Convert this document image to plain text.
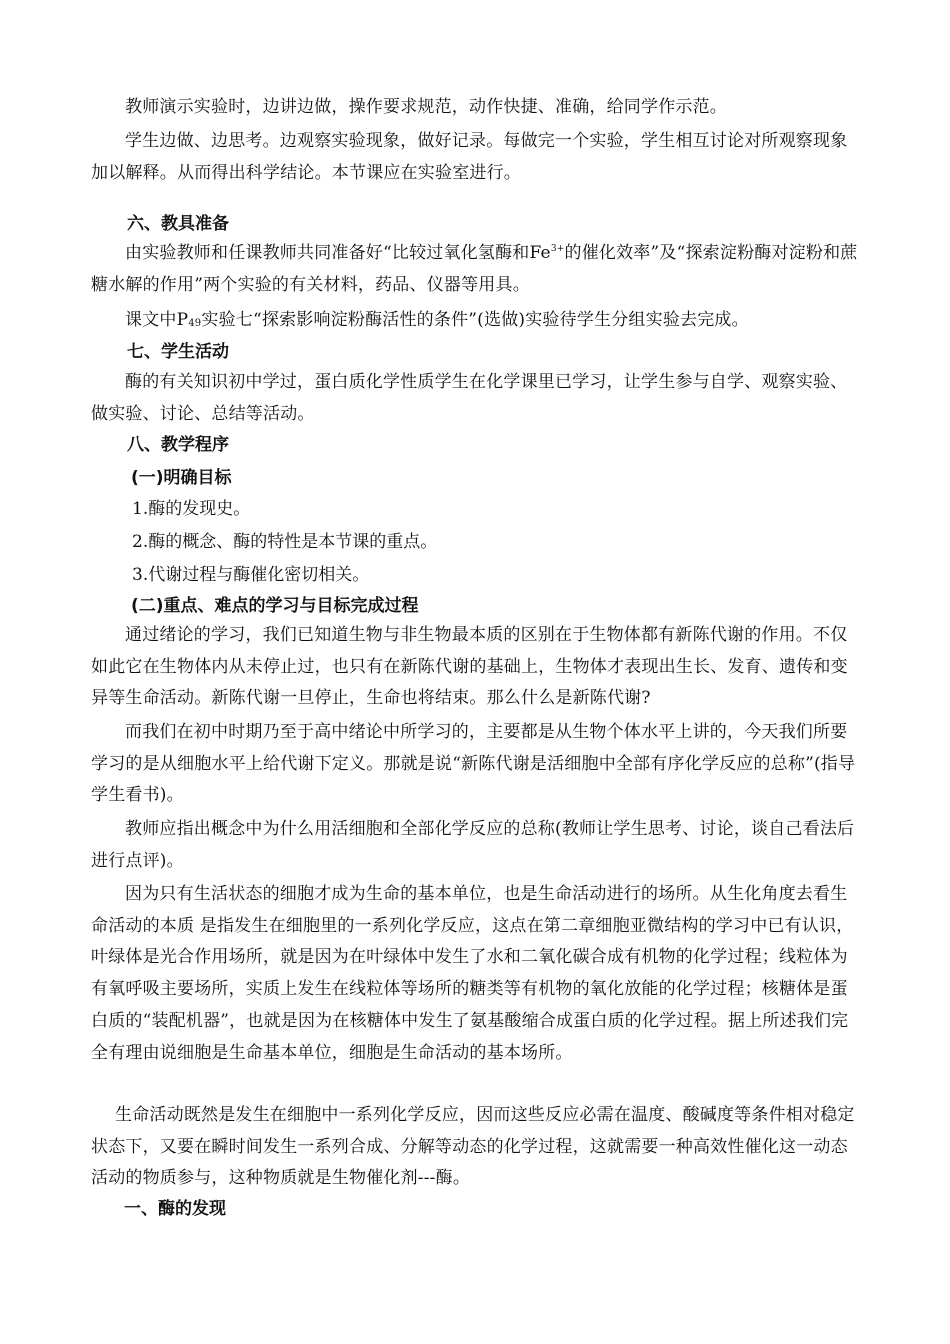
教师演示实验时，边讲边做，操作要求规范，动作快捷、准确，给同学作示范。

学生边做、边思考。边观察实验现象，做好记录。每做完一个实验，学生相互讨论对所观察现象加以解释。从而得出科学结论。本节课应在实验室进行。

六、教具准备

由实验教师和任课教师共同准备好“比较过氧化氢酶和$Fe^{3+}$的催化效率”及“探索淀粉酶对淀粉和蔗糖水解的作用”两个实验的有关材料，药品、仪器等用具。

课文中$P_{49}$实验七“探索影响淀粉酶活性的条件”(选做)实验待学生分组实验去完成。

七、学生活动

酶的有关知识初中学过，蛋白质化学性质学生在化学课里已学习，让学生参与自学、观察实验、做实验、讨论、总结等活动。

八、教学程序
(一)明确目标

1.酶的发现史。

2.酶的概念、酶的特性是本节课的重点。

3.代谢过程与酶催化密切相关。

(二)重点、难点的学习与目标完成过程

通过绪论的学习，我们已知道生物与非生物最本质的区别在于生物体都有新陈代谢的作用。不仅如此它在生物体内从未停止过，也只有在新陈代谢的基础上，生物体才表现出生长、发育、遗传和变异等生命活动。新陈代谢一旦停止，生命也将结束。那么什么是新陈代谢?

而我们在初中时期乃至于高中绪论中所学习的，主要都是从生物个体水平上讲的，今天我们所要学习的是从细胞水平上给代谢下定义。那就是说“新陈代谢是活细胞中全部有序化学反应的总称”(指导学生看书)。

教师应指出概念中为什么用活细胞和全部化学反应的总称(教师让学生思考、讨论，谈自己看法后进行点评)。

因为只有生活状态的细胞才成为生命的基本单位，也是生命活动进行的场所。从生化角度去看生命活动的本质 是指发生在细胞里的一系列化学反应，这点在第二章细胞亚微结构的学习中已有认识，叶绿体是光合作用场所，就是因为在叶绿体中发生了水和二氧化碳合成有机物的化学过程；线粒体为有氧呼吸主要场所，实质上发生在线粒体等场所的糖类等有机物的氧化放能的化学过程；核糖体是蛋白质的“装配机器”，也就是因为在核糖体中发生了氨基酸缩合成蛋白质的化学过程。据上所述我们完全有理由说细胞是生命基本单位，细胞是生命活动的基本场所。

生命活动既然是发生在细胞中一系列化学反应，因而这些反应必需在温度、酸碱度等条件相对稳定状态下，又要在瞬时间发生一系列合成、分解等动态的化学过程，这就需要一种高效性催化这一动态活动的物质参与，这种物质就是生物催化剂---酶。

一、酶的发现
